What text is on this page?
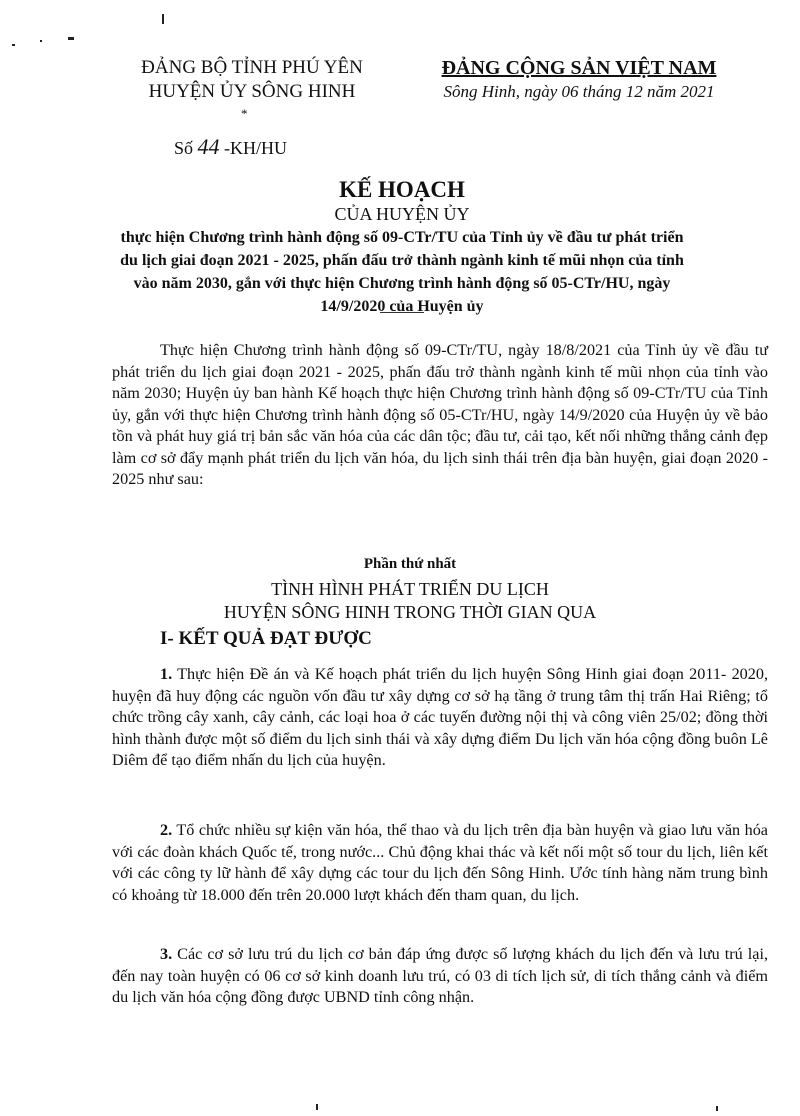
ĐẢNG BỘ TỈNH PHÚ YÊN
HUYỆN ỦY SÔNG HINH
*
ĐẢNG CỘNG SẢN VIỆT NAM
Sông Hinh, ngày 06 tháng 12 năm 2021
Số 44 -KH/HU
KẾ HOẠCH
CỦA HUYỆN ỦY
thực hiện Chương trình hành động số 09-CTr/TU của Tỉnh ủy về đầu tư phát triển du lịch giai đoạn 2021 - 2025, phấn đấu trở thành ngành kinh tế mũi nhọn của tỉnh vào năm 2030, gắn với thực hiện Chương trình hành động số 05-CTr/HU, ngày 14/9/2020 của Huyện ủy

Thực hiện Chương trình hành động số 09-CTr/TU, ngày 18/8/2021 của Tỉnh ủy về đầu tư phát triển du lịch giai đoạn 2021 - 2025, phấn đấu trở thành ngành kinh tế mũi nhọn của tỉnh vào năm 2030; Huyện ủy ban hành Kế hoạch thực hiện Chương trình hành động số 09-CTr/TU của Tỉnh ủy, gắn với thực hiện Chương trình hành động số 05-CTr/HU, ngày 14/9/2020 của Huyện ủy về bảo tồn và phát huy giá trị bản sắc văn hóa của các dân tộc; đầu tư, cải tạo, kết nối những thắng cảnh đẹp làm cơ sở đẩy mạnh phát triển du lịch văn hóa, du lịch sinh thái trên địa bàn huyện, giai đoạn 2020 - 2025 như sau:

Phần thứ nhất
TÌNH HÌNH PHÁT TRIỂN DU LỊCH
HUYỆN SÔNG HINH TRONG THỜI GIAN QUA
I- KẾT QUẢ ĐẠT ĐƯỢC

1. Thực hiện Đề án và Kế hoạch phát triển du lịch huyện Sông Hinh giai đoạn 2011- 2020, huyện đã huy động các nguồn vốn đầu tư xây dựng cơ sở hạ tầng ở trung tâm thị trấn Hai Riêng; tổ chức trồng cây xanh, cây cảnh, các loại hoa ở các tuyến đường nội thị và công viên 25/02; đồng thời hình thành được một số điểm du lịch sinh thái và xây dựng điểm Du lịch văn hóa cộng đồng buôn Lê Diêm để tạo điểm nhấn du lịch của huyện.

2. Tổ chức nhiều sự kiện văn hóa, thể thao và du lịch trên địa bàn huyện và giao lưu văn hóa với các đoàn khách Quốc tế, trong nước... Chủ động khai thác và kết nối một số tour du lịch, liên kết với các công ty lữ hành để xây dựng các tour du lịch đến Sông Hinh. Ước tính hàng năm trung bình có khoảng từ 18.000 đến trên 20.000 lượt khách đến tham quan, du lịch.

3. Các cơ sở lưu trú du lịch cơ bản đáp ứng được số lượng khách du lịch đến và lưu trú lại, đến nay toàn huyện có 06 cơ sở kinh doanh lưu trú, có 03 di tích lịch sử, di tích thắng cảnh và điểm du lịch văn hóa cộng đồng được UBND tỉnh công nhận.
